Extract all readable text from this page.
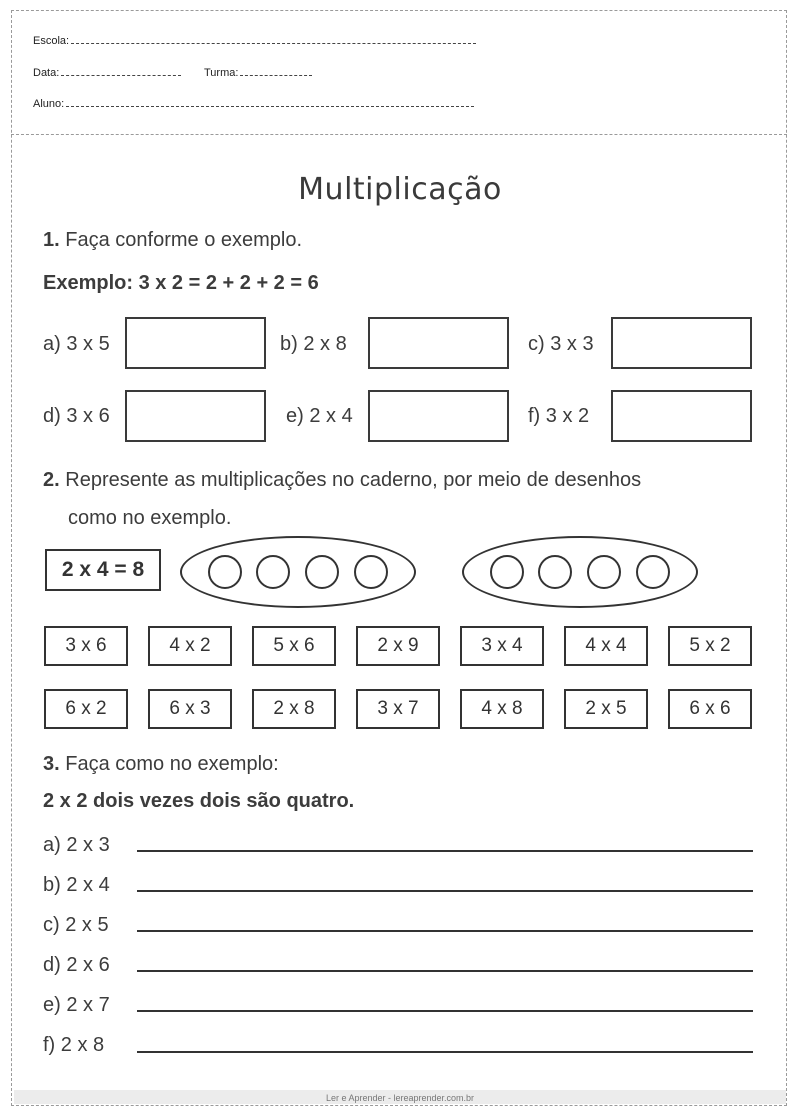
Escola:
Data:	Turma:
Aluno:
Multiplicação
1. Faça conforme o exemplo.
Exemplo: 3 x 2 = 2 + 2 + 2 = 6
a) 3 x 5	b) 2 x 8	c) 3 x 3
d) 3 x 6	e) 2 x 4	f) 3 x 2
2. Represente as multiplicações no caderno, por meio de desenhos
como no exemplo.
2 x 4 = 8
3 x 6	4 x 2	5 x 6	2 x 9	3 x 4	4 x 4	5 x 2
6 x 2	6 x 3	2 x 8	3 x 7	4 x 8	2 x 5	6 x 6
3. Faça como no exemplo:
2 x 2 dois vezes dois são quatro.
a) 2 x 3
b) 2 x 4
c) 2 x 5
d) 2 x 6
e) 2 x 7
f) 2 x 8
Ler e Aprender - lereaprender.com.br
